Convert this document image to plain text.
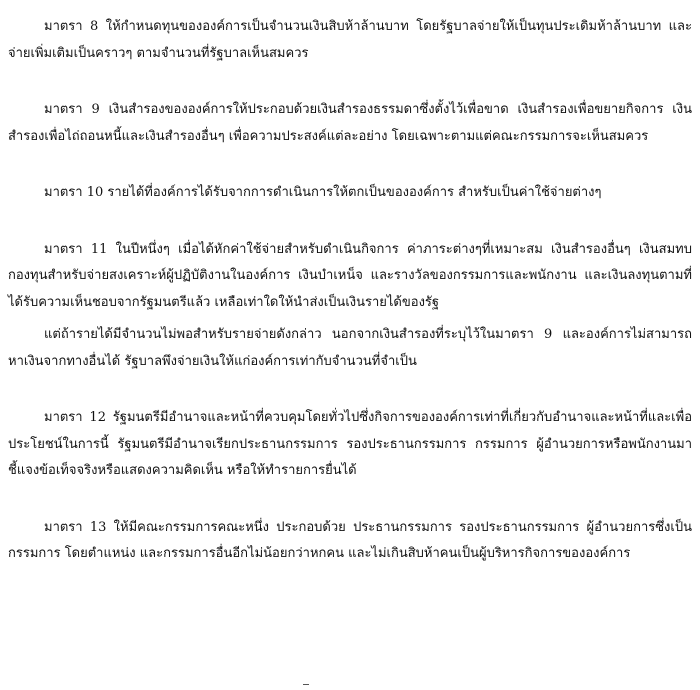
มาตรา 8 ให้กำหนดทุนขององค์การเป็นจำนวนเงินสิบห้าล้านบาท โดยรัฐบาลจ่ายให้เป็นทุนประเดิมห้าล้านบาท และจ่ายเพิ่มเติมเป็นคราวๆ ตามจำนวนที่รัฐบาลเห็นสมควร

มาตรา 9 เงินสำรองขององค์การให้ประกอบด้วยเงินสำรองธรรมดาซึ่งตั้งไว้เพื่อขาด เงินสำรองเพื่อขยายกิจการ เงินสำรองเพื่อไถ่ถอนหนี้และเงินสำรองอื่นๆ เพื่อความประสงค์แต่ละอย่าง โดยเฉพาะตามแต่คณะกรรมการจะเห็นสมควร

มาตรา 10 รายได้ที่องค์การได้รับจากการดำเนินการให้ตกเป็นขององค์การ สำหรับเป็นค่าใช้จ่ายต่างๆ

มาตรา 11 ในปีหนึ่งๆ เมื่อได้หักค่าใช้จ่ายสำหรับดำเนินกิจการ ค่าภาระต่างๆที่เหมาะสม เงินสำรองอื่นๆ เงินสมทบกองทุนสำหรับจ่ายสงเคราะห์ผู้ปฏิบัติงานในองค์การ เงินบำเหน็จ และรางวัลของกรรมการและพนักงาน และเงินลงทุนตามที่ได้รับความเห็นชอบจากรัฐมนตรีแล้ว เหลือเท่าใดให้นำส่งเป็นเงินรายได้ของรัฐ

แต่ถ้ารายได้มีจำนวนไม่พอสำหรับรายจ่ายดังกล่าว นอกจากเงินสำรองที่ระบุไว้ในมาตรา 9 และองค์การไม่สามารถหาเงินจากทางอื่นได้ รัฐบาลพึงจ่ายเงินให้แก่องค์การเท่ากับจำนวนที่จำเป็น

มาตรา 12 รัฐมนตรีมีอำนาจและหน้าที่ควบคุมโดยทั่วไปซึ่งกิจการขององค์การเท่าที่เกี่ยวกับอำนาจและหน้าที่และเพื่อประโยชน์ในการนี้ รัฐมนตรีมีอำนาจเรียกประธานกรรมการ รองประธานกรรมการ กรรมการ ผู้อำนวยการหรือพนักงานมาชี้แจงข้อเท็จจริงหรือแสดงความคิดเห็น หรือให้ทำรายการยื่นได้

มาตรา 13 ให้มีคณะกรรมการคณะหนึ่ง ประกอบด้วย ประธานกรรมการ รองประธานกรรมการ ผู้อำนวยการซึ่งเป็นกรรมการ โดยตำแหน่ง และกรรมการอื่นอีกไม่น้อยกว่าหกคน และไม่เกินสิบห้าคนเป็นผู้บริหารกิจการขององค์การ
